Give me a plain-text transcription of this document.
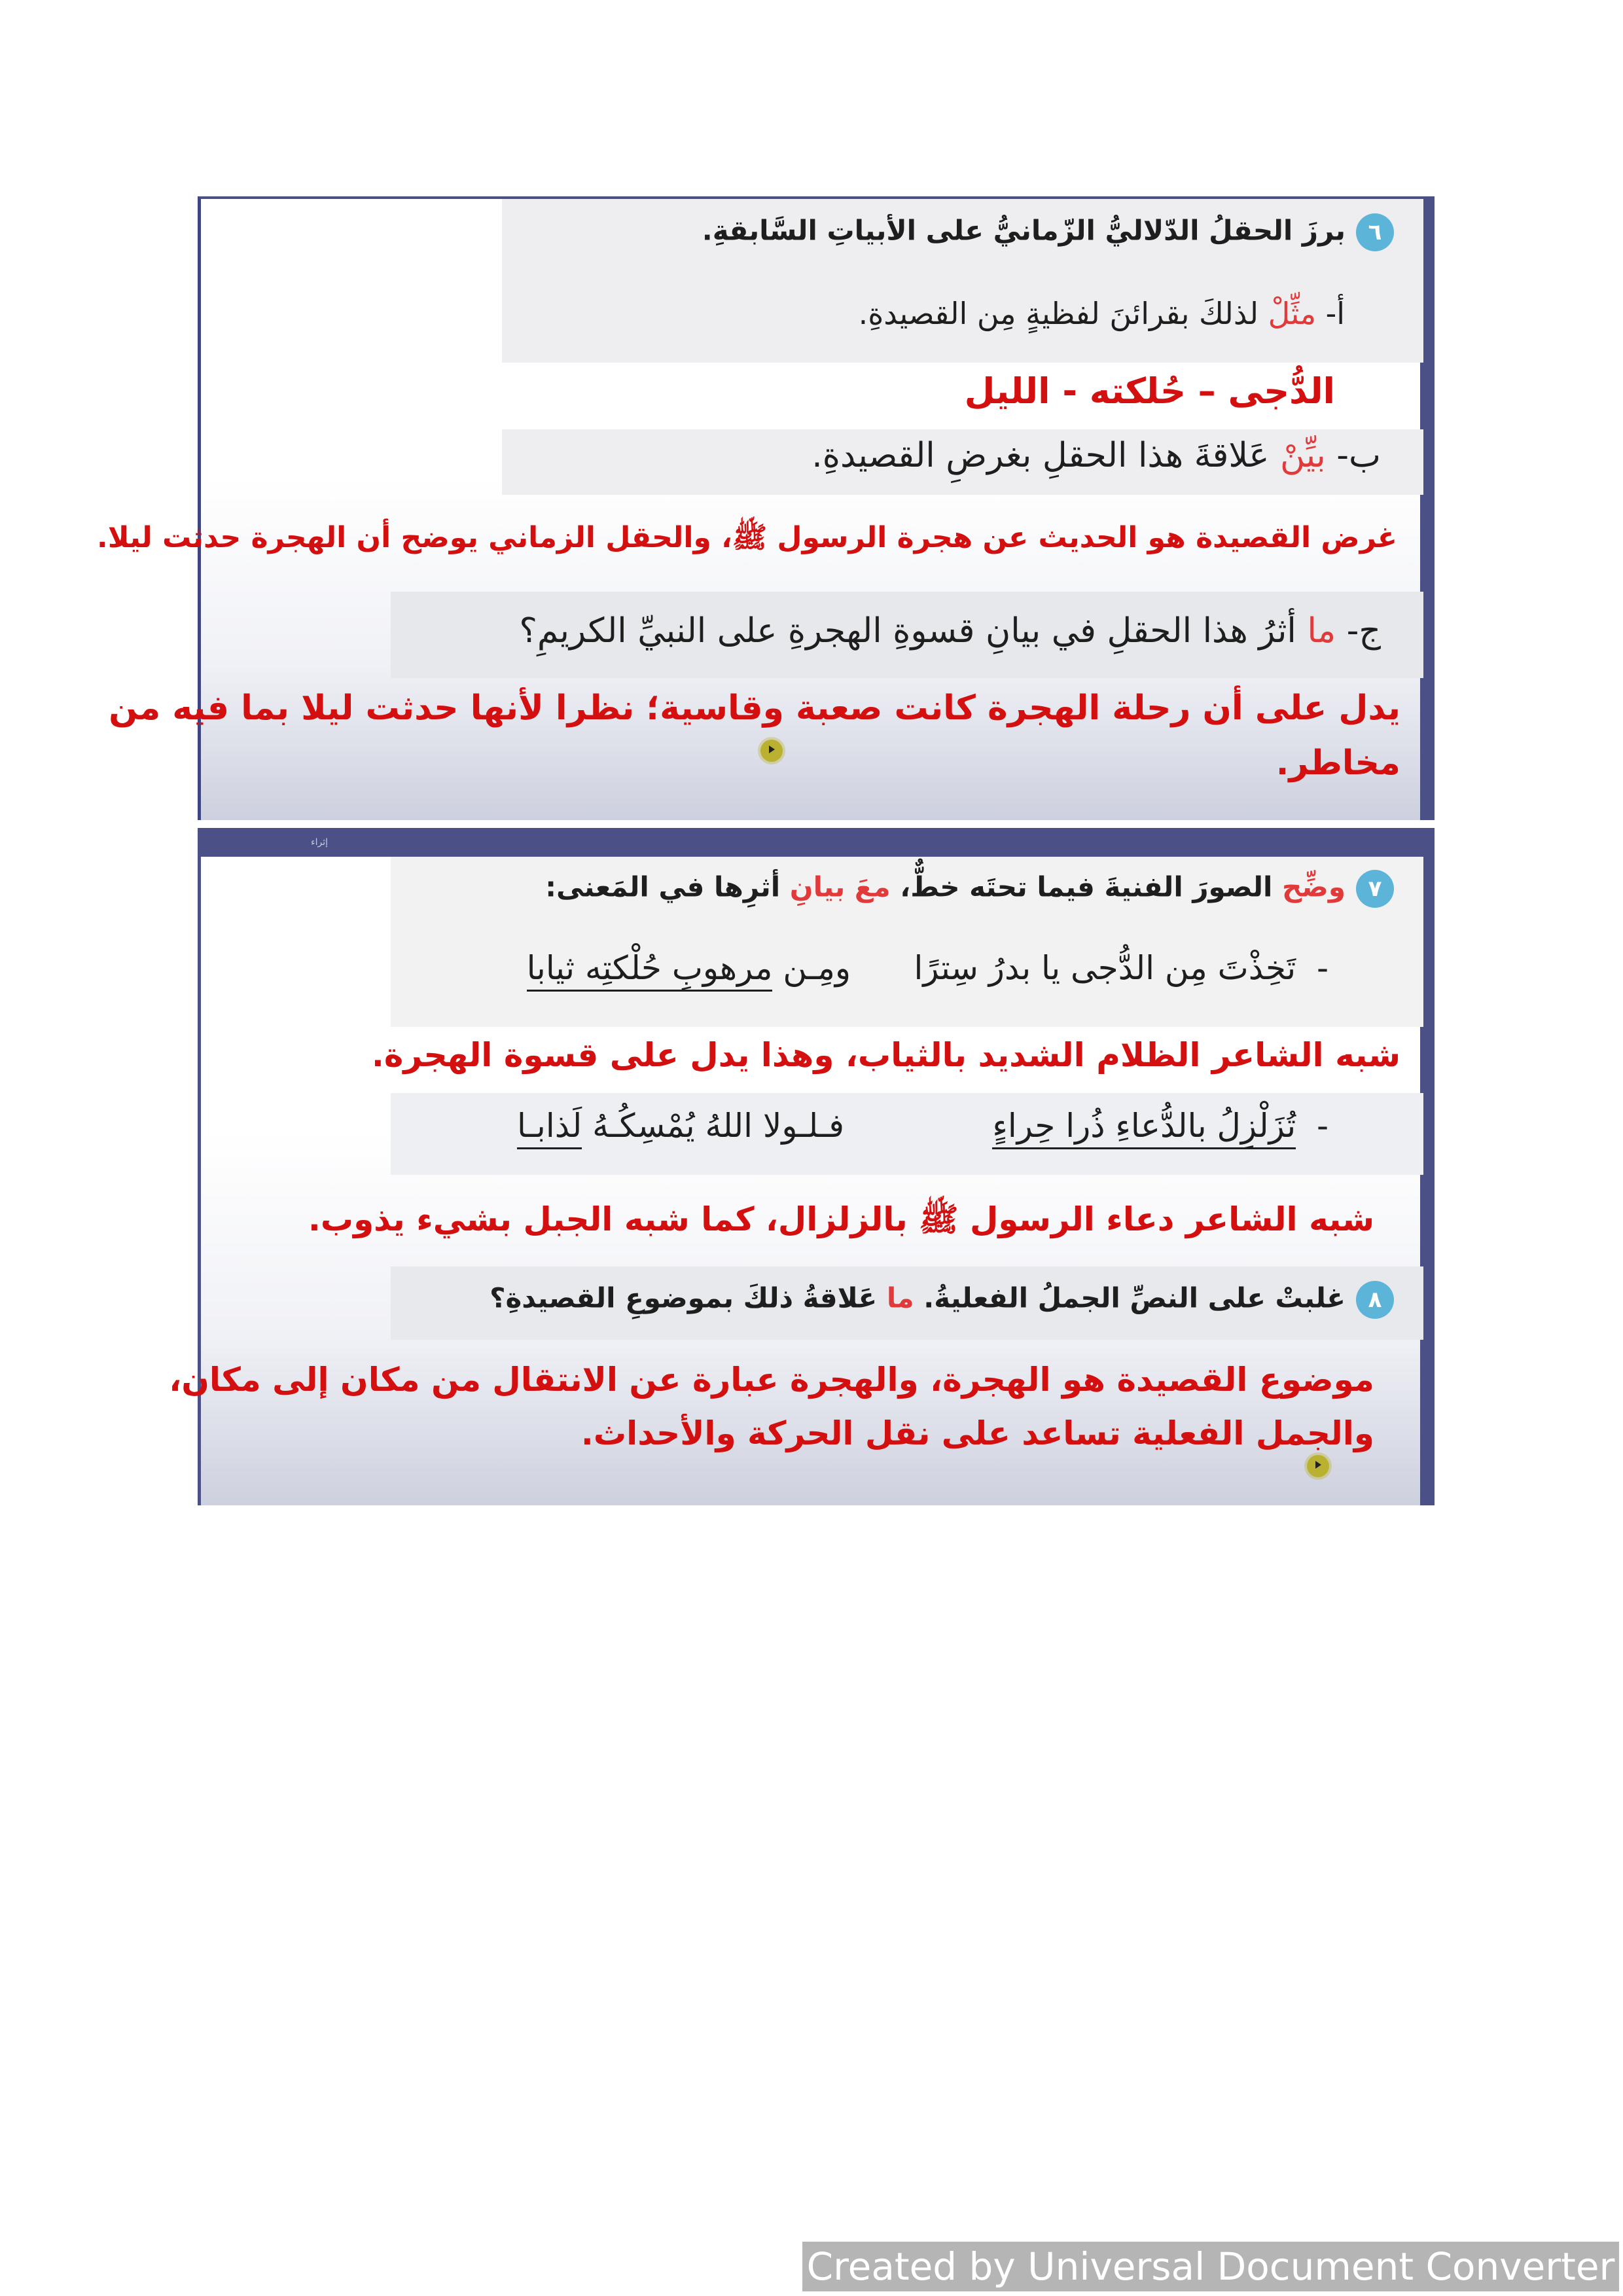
٦برزَ الحقلُ الدّلاليُّ الزّمانيُّ على الأبياتِ السَّابقةِ.
أ- مثِّلْ لذلكَ بقرائنَ لفظيةٍ مِن القصيدةِ.
الدُّجى – حُلكته - الليل
ب- بيِّنْ عَلاقةَ هذا الحقلِ بغرضِ القصيدةِ.
غرض القصيدة هو الحديث عن هجرة الرسول ﷺ، والحقل الزماني يوضح أن الهجرة حدثت ليلا.
ج- ما أثرُ هذا الحقلِ في بيانِ قسوةِ الهجرةِ على النبيِّ الكريمِ؟
يدل على أن رحلة الهجرة كانت صعبة وقاسية؛ نظرا لأنها حدثت ليلا بما فيه من
مخاطر.
إثراء
٧وضِّح الصورَ الفنيةَ فيما تحتَه خطٌّ، معَ بيانِ أثرِها في المَعنى:
-  تَخِذْتَ مِن الدُّجى يا بدرُ سِترًا
ومِـن مرهوبِ حُلْكتِه ثيابا
شبه الشاعر الظلام الشديد بالثياب، وهذا يدل على قسوة الهجرة.
-  تُزَلْزِلُ بالدُّعاءِ ذُرا حِراءٍ
فـلـولا اللهُ يُمْسِكُـهُ لَذابـا
شبه الشاعر دعاء الرسول ﷺ بالزلزال، كما شبه الجبل بشيء يذوب.
٨غلبتْ على النصِّ الجملُ الفعليةُ. ما عَلاقةُ ذلكَ بموضوعِ القصيدةِ؟
موضوع القصيدة هو الهجرة، والهجرة عبارة عن الانتقال من مكان إلى مكان،
والجمل الفعلية تساعد على نقل الحركة والأحداث.
Created by Universal Document Converter
